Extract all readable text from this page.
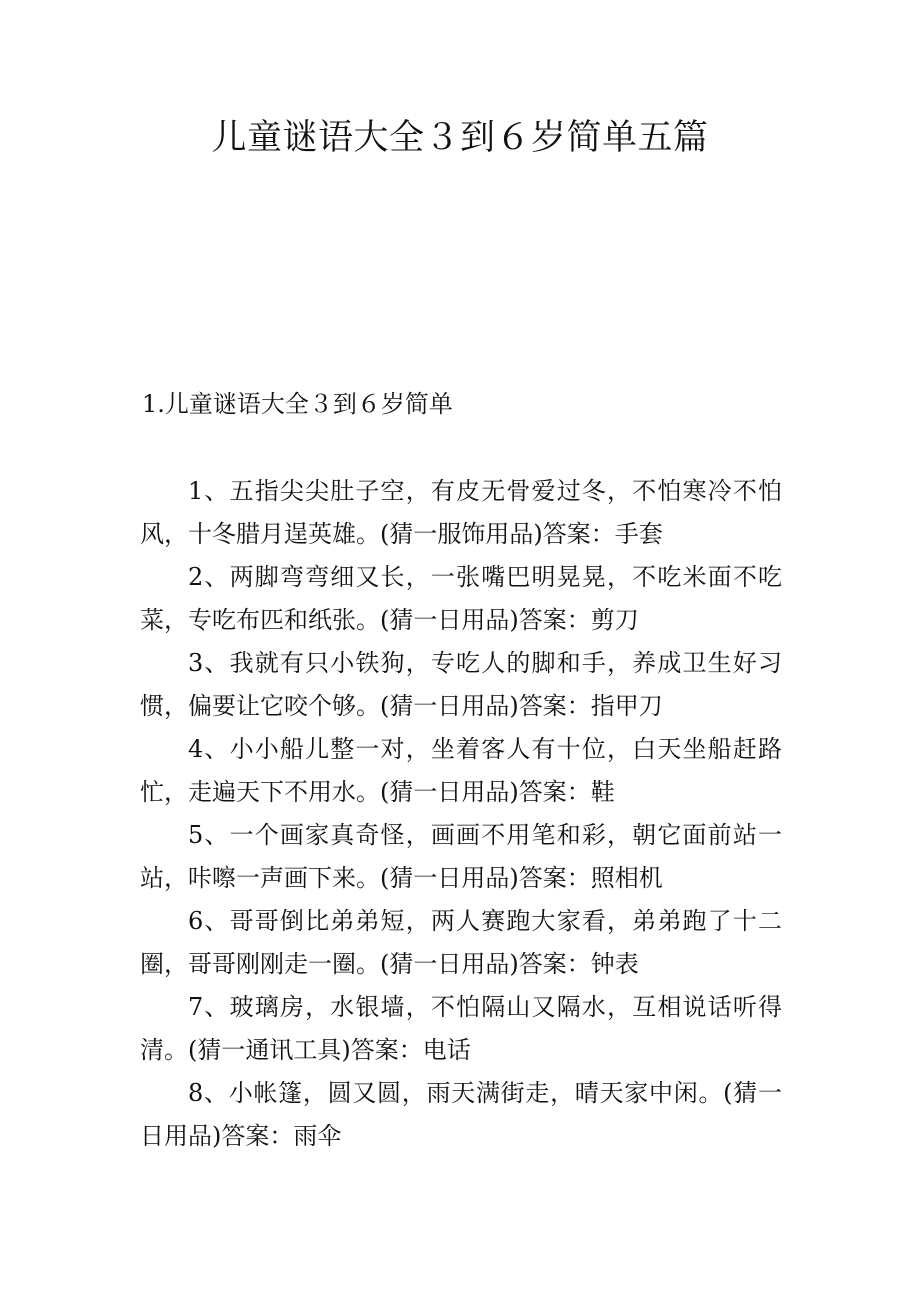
儿童谜语大全３到６岁简单五篇

1.儿童谜语大全３到６岁简单

1、五指尖尖肚子空，有皮无骨爱过冬，不怕寒冷不怕风，十冬腊月逞英雄。(猜一服饰用品)答案：手套

2、两脚弯弯细又长，一张嘴巴明晃晃，不吃米面不吃菜，专吃布匹和纸张。(猜一日用品)答案：剪刀

3、我就有只小铁狗，专吃人的脚和手，养成卫生好习惯，偏要让它咬个够。(猜一日用品)答案：指甲刀

4、小小船儿整一对，坐着客人有十位，白天坐船赶路忙，走遍天下不用水。(猜一日用品)答案：鞋

5、一个画家真奇怪，画画不用笔和彩，朝它面前站一站，咔嚓一声画下来。(猜一日用品)答案：照相机

6、哥哥倒比弟弟短，两人赛跑大家看，弟弟跑了十二圈，哥哥刚刚走一圈。(猜一日用品)答案：钟表

7、玻璃房，水银墙，不怕隔山又隔水，互相说话听得清。(猜一通讯工具)答案：电话

8、小帐篷，圆又圆，雨天满街走，晴天家中闲。(猜一日用品)答案：雨伞
